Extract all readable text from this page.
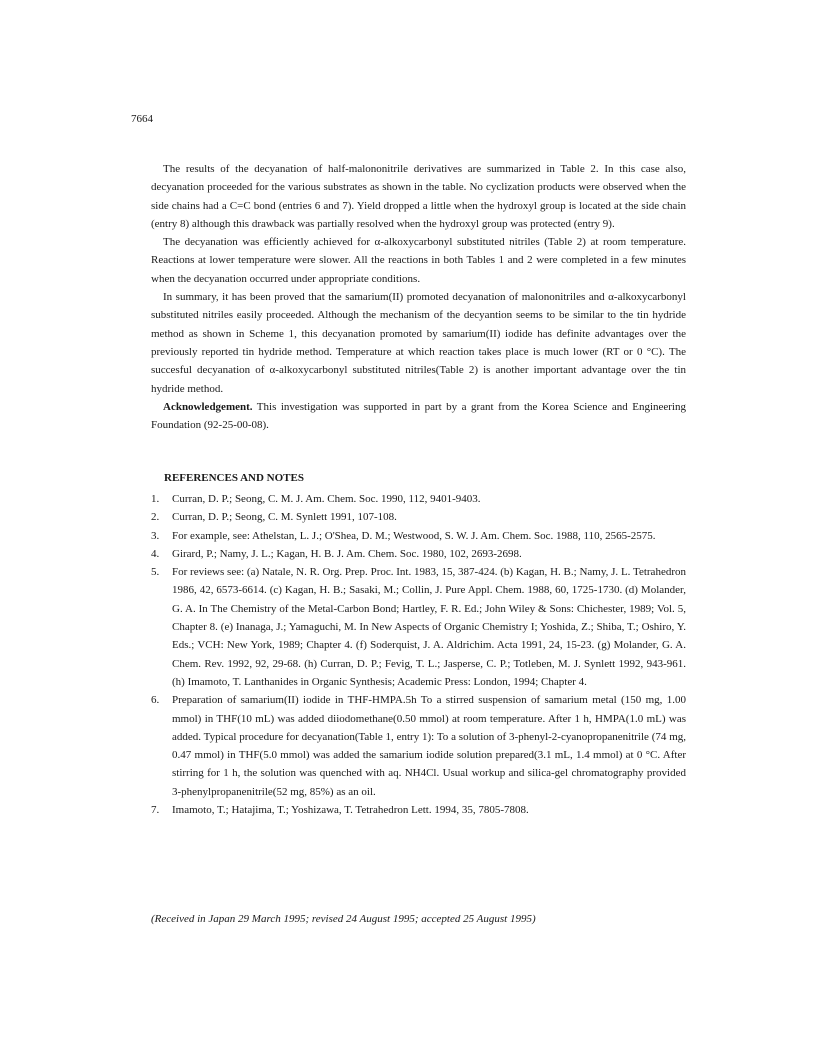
7664

The results of the decyanation of half-malononitrile derivatives are summarized in Table 2. In this case also, decyanation proceeded for the various substrates as shown in the table. No cyclization products were observed when the side chains had a C=C bond (entries 6 and 7). Yield dropped a little when the hydroxyl group is located at the side chain (entry 8) although this drawback was partially resolved when the hydroxyl group was protected (entry 9).

The decyanation was efficiently achieved for α-alkoxycarbonyl substituted nitriles (Table 2) at room temperature. Reactions at lower temperature were slower. All the reactions in both Tables 1 and 2 were completed in a few minutes when the decyanation occurred under appropriate conditions.

In summary, it has been proved that the samarium(II) promoted decyanation of malononitriles and α-alkoxycarbonyl substituted nitriles easily proceeded. Although the mechanism of the decyantion seems to be similar to the tin hydride method as shown in Scheme 1, this decyanation promoted by samarium(II) iodide has definite advantages over the previously reported tin hydride method. Temperature at which reaction takes place is much lower (RT or 0 °C). The succesful decyanation of α-alkoxycarbonyl substituted nitriles(Table 2) is another important advantage over the tin hydride method.

Acknowledgement. This investigation was supported in part by a grant from the Korea Science and Engineering Foundation (92-25-00-08).

REFERENCES AND NOTES
1. Curran, D. P.; Seong, C. M. J. Am. Chem. Soc. 1990, 112, 9401-9403.
2. Curran, D. P.; Seong, C. M. Synlett 1991, 107-108.
3. For example, see: Athelstan, L. J.; O'Shea, D. M.; Westwood, S. W. J. Am. Chem. Soc. 1988, 110, 2565-2575.
4. Girard, P.; Namy, J. L.; Kagan, H. B. J. Am. Chem. Soc. 1980, 102, 2693-2698.
5. For reviews see: (a) Natale, N. R. Org. Prep. Proc. Int. 1983, 15, 387-424. (b) Kagan, H. B.; Namy, J. L. Tetrahedron 1986, 42, 6573-6614. (c) Kagan, H. B.; Sasaki, M.; Collin, J. Pure Appl. Chem. 1988, 60, 1725-1730. (d) Molander, G. A. In The Chemistry of the Metal-Carbon Bond; Hartley, F. R. Ed.; John Wiley & Sons: Chichester, 1989; Vol. 5, Chapter 8. (e) Inanaga, J.; Yamaguchi, M. In New Aspects of Organic Chemistry I; Yoshida, Z.; Shiba, T.; Oshiro, Y. Eds.; VCH: New York, 1989; Chapter 4. (f) Soderquist, J. A. Aldrichim. Acta 1991, 24, 15-23. (g) Molander, G. A. Chem. Rev. 1992, 92, 29-68. (h) Curran, D. P.; Fevig, T. L.; Jasperse, C. P.; Totleben, M. J. Synlett 1992, 943-961. (h) Imamoto, T. Lanthanides in Organic Synthesis; Academic Press: London, 1994; Chapter 4.
6. Preparation of samarium(II) iodide in THF-HMPA.5h To a stirred suspension of samarium metal (150 mg, 1.00 mmol) in THF(10 mL) was added diiodomethane(0.50 mmol) at room temperature. After 1 h, HMPA(1.0 mL) was added. Typical procedure for decyanation(Table 1, entry 1): To a solution of 3-phenyl-2-cyanopropanenitrile (74 mg, 0.47 mmol) in THF(5.0 mmol) was added the samarium iodide solution prepared(3.1 mL, 1.4 mmol) at 0 °C. After stirring for 1 h, the solution was quenched with aq. NH4Cl. Usual workup and silica-gel chromatography provided 3-phenylpropanenitrile(52 mg, 85%) as an oil.
7. Imamoto, T.; Hatajima, T.; Yoshizawa, T. Tetrahedron Lett. 1994, 35, 7805-7808.
(Received in Japan 29 March 1995; revised 24 August 1995; accepted 25 August 1995)
